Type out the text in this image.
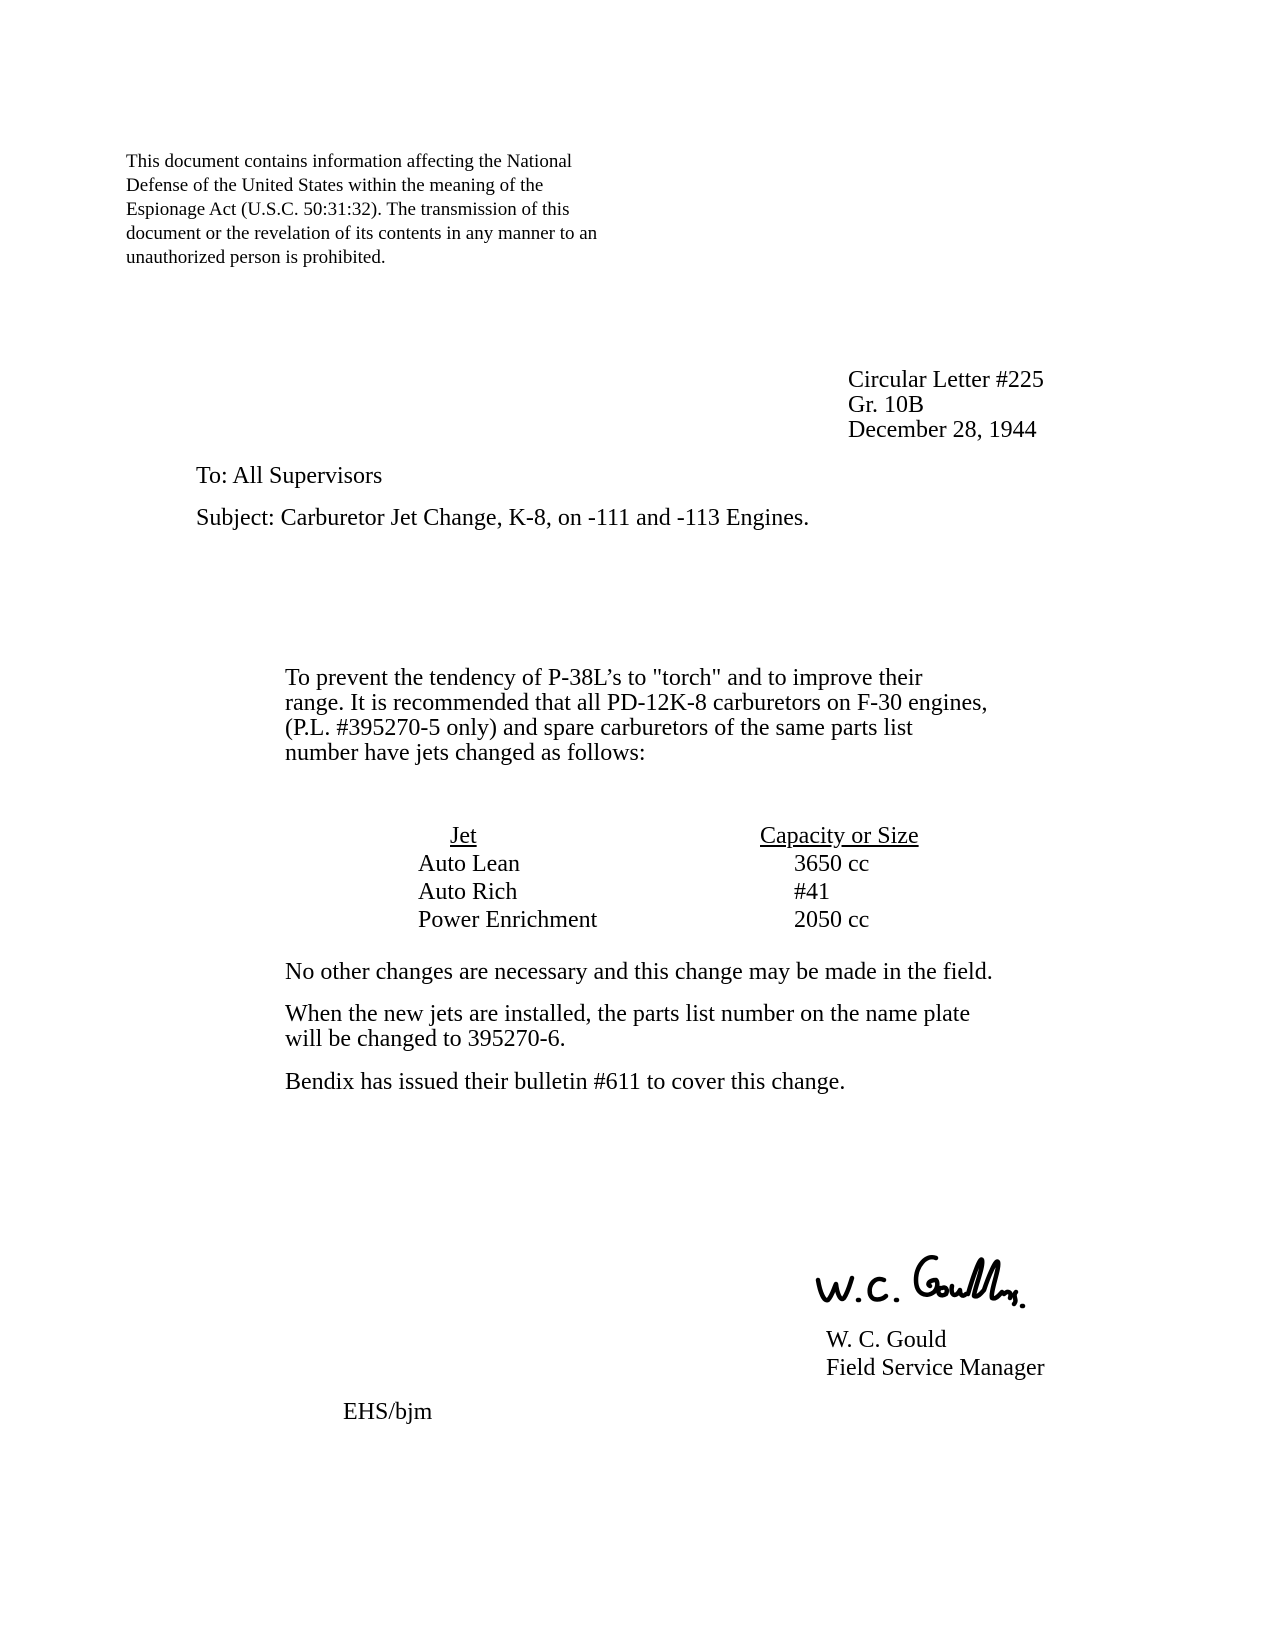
This document contains information affecting the National
Defense of the United States within the meaning of the
Espionage Act (U.S.C. 50:31:32). The transmission of this
document or the revelation of its contents in any manner to an
unauthorized person is prohibited.
Circular Letter #225
Gr. 10B
December 28, 1944
To: All Supervisors
Subject: Carburetor Jet Change, K-8, on -111 and -113 Engines.
To prevent the tendency of P-38L’s to "torch" and to improve their
range. It is recommended that all PD-12K-8 carburetors on F-30 engines,
(P.L. #395270-5 only) and spare carburetors of the same parts list
number have jets changed as follows:
Jet	Capacity or Size
Auto Lean	3650 cc
Auto Rich	#41
Power Enrichment	2050 cc
No other changes are necessary and this change may be made in the field.
When the new jets are installed, the parts list number on the name plate
will be changed to 395270-6.
Bendix has issued their bulletin #611 to cover this change.
W. C. Gould
Field Service Manager
EHS/bjm
